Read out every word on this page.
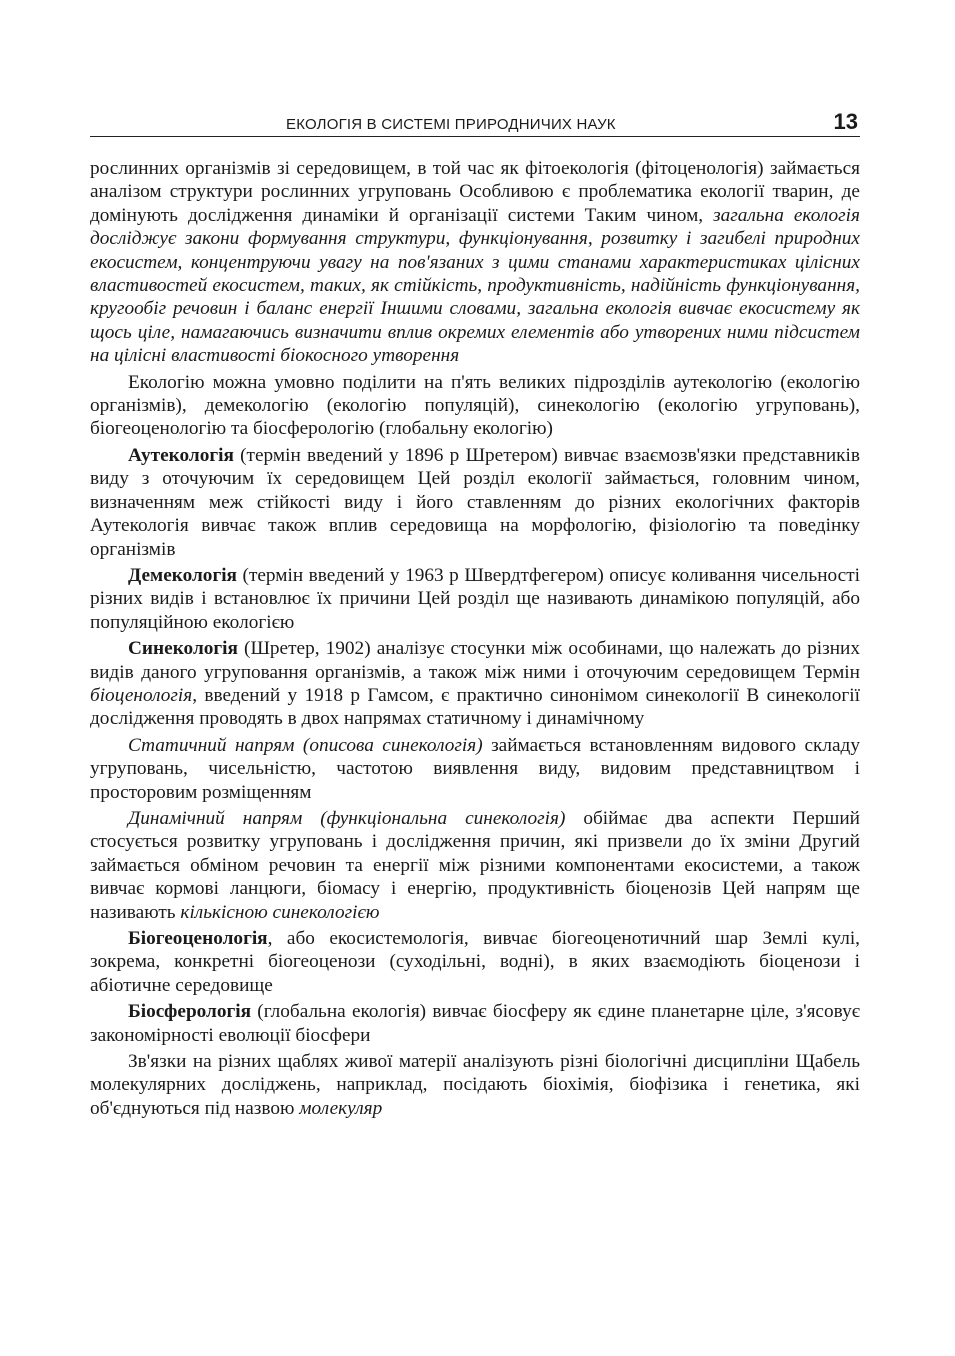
ЕКОЛОГІЯ В СИСТЕМІ ПРИРОДНИЧИХ НАУК	13

рослинних організмів зі середовищем, в той час як фітоекологія (фітоценологія) займається аналізом структури рослинних угруповань Особливою є проблематика екології тварин, де домінують дослідження динаміки й організації системи Таким чином, загальна екологія досліджує закони формування структури, функціонування, розвитку і загибелі природних екосистем, концентруючи увагу на пов'язаних з цими станами характеристиках цілісних властивостей екосистем, таких, як стійкість, продуктивність, надійність функціонування, кругообіг речовин і баланс енергії Іншими словами, загальна екологія вивчає екосистему як щось ціле, намагаючись визначити вплив окремих елементів або утворених ними підсистем на цілісні властивості біокосного утворення

Екологію можна умовно поділити на п'ять великих підрозділів аутекологію (екологію організмів), демекологію (екологію популяцій), синекологію (екологію угруповань), біогеоценологію та біосферологію (глобальну екологію)

Аутекологія (термін введений у 1896 р Шретером) вивчає взаємозв'язки представників виду з оточуючим їх середовищем Цей розділ екології займається, головним чином, визначенням меж стійкості виду і його ставленням до різних екологічних факторів Аутекологія вивчає також вплив середовища на морфологію, фізіологію та поведінку організмів

Демекологія (термін введений у 1963 р Швердтфегером) описує коливання чисельності різних видів і встановлює їх причини Цей розділ ще називають динамікою популяцій, або популяційною екологією

Синекологія (Шретер, 1902) аналізує стосунки між особинами, що належать до різних видів даного угруповання організмів, а також між ними і оточуючим середовищем Термін біоценологія, введений у 1918 р Гамсом, є практично синонімом синекології В синекології дослідження проводять в двох напрямах статичному і динамічному

Статичний напрям (описова синекологія) займається встановленням видового складу угруповань, чисельністю, частотою виявлення виду, видовим представництвом і просторовим розміщенням

Динамічний напрям (функціональна синекологія) обіймає два аспекти Перший стосується розвитку угруповань і дослідження причин, які призвели до їх зміни Другий займається обміном речовин та енергії між різними компонентами екосистеми, а також вивчає кормові ланцюги, біомасу і енергію, продуктивність біоценозів Цей напрям ще називають кількісною синекологією

Біогеоценологія, або екосистемологія, вивчає біогеоценотичний шар Землі кулі, зокрема, конкретні біогеоценози (суходільні, водні), в яких взаємодіють біоценози і абіотичне середовище

Біосферологія (глобальна екологія) вивчає біосферу як єдине планетарне ціле, з'ясовує закономірності еволюції біосфери

Зв'язки на різних щаблях живої матерії аналізують різні біологічні дисципліни Щабель молекулярних досліджень, наприклад, посідають біохімія, біофізика і генетика, які об'єднуються під назвою молекуляр
